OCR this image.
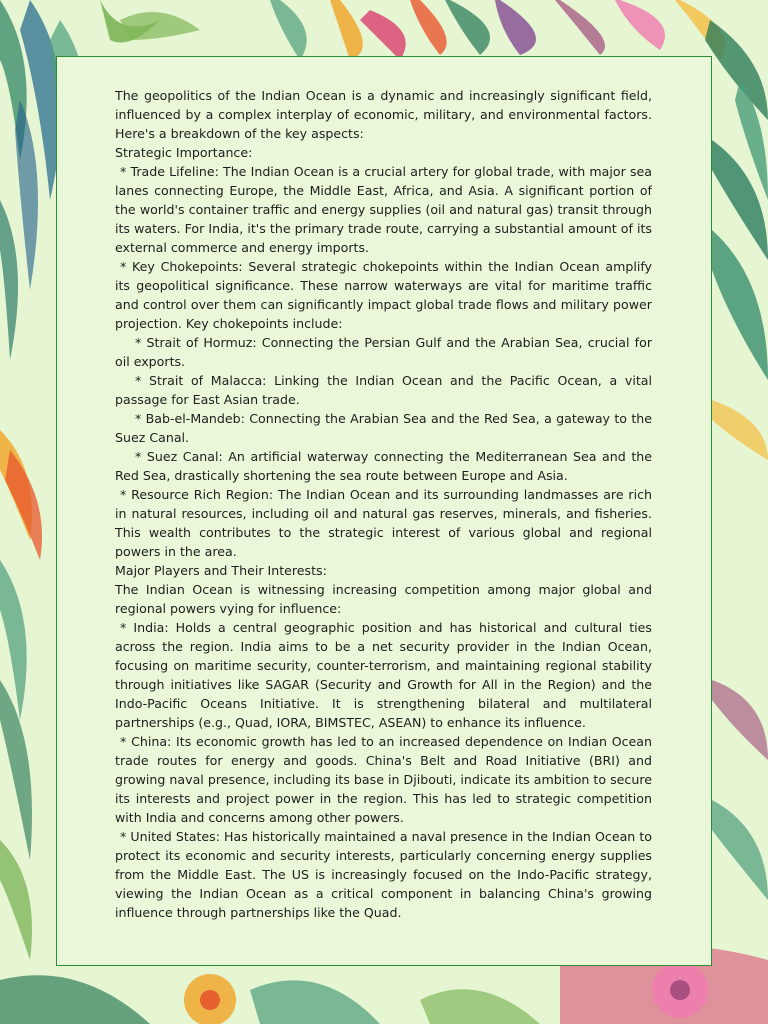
The geopolitics of the Indian Ocean is a dynamic and increasingly significant field, influenced by a complex interplay of economic, military, and environmental factors. Here's a breakdown of the key aspects:

Strategic Importance:

* Trade Lifeline: The Indian Ocean is a crucial artery for global trade, with major sea lanes connecting Europe, the Middle East, Africa, and Asia. A significant portion of the world's container traffic and energy supplies (oil and natural gas) transit through its waters. For India, it's the primary trade route, carrying a substantial amount of its external commerce and energy imports.

* Key Chokepoints: Several strategic chokepoints within the Indian Ocean amplify its geopolitical significance. These narrow waterways are vital for maritime traffic and control over them can significantly impact global trade flows and military power projection. Key chokepoints include:

* Strait of Hormuz: Connecting the Persian Gulf and the Arabian Sea, crucial for oil exports.

* Strait of Malacca: Linking the Indian Ocean and the Pacific Ocean, a vital passage for East Asian trade.

* Bab-el-Mandeb: Connecting the Arabian Sea and the Red Sea, a gateway to the Suez Canal.

* Suez Canal: An artificial waterway connecting the Mediterranean Sea and the Red Sea, drastically shortening the sea route between Europe and Asia.

* Resource Rich Region: The Indian Ocean and its surrounding landmasses are rich in natural resources, including oil and natural gas reserves, minerals, and fisheries. This wealth contributes to the strategic interest of various global and regional powers in the area.

Major Players and Their Interests:

The Indian Ocean is witnessing increasing competition among major global and regional powers vying for influence:

* India: Holds a central geographic position and has historical and cultural ties across the region. India aims to be a net security provider in the Indian Ocean, focusing on maritime security, counter-terrorism, and maintaining regional stability through initiatives like SAGAR (Security and Growth for All in the Region) and the Indo-Pacific Oceans Initiative. It is strengthening bilateral and multilateral partnerships (e.g., Quad, IORA, BIMSTEC, ASEAN) to enhance its influence.

* China: Its economic growth has led to an increased dependence on Indian Ocean trade routes for energy and goods. China's Belt and Road Initiative (BRI) and growing naval presence, including its base in Djibouti, indicate its ambition to secure its interests and project power in the region. This has led to strategic competition with India and concerns among other powers.

* United States: Has historically maintained a naval presence in the Indian Ocean to protect its economic and security interests, particularly concerning energy supplies from the Middle East. The US is increasingly focused on the Indo-Pacific strategy, viewing the Indian Ocean as a critical component in balancing China's growing influence through partnerships like the Quad.
